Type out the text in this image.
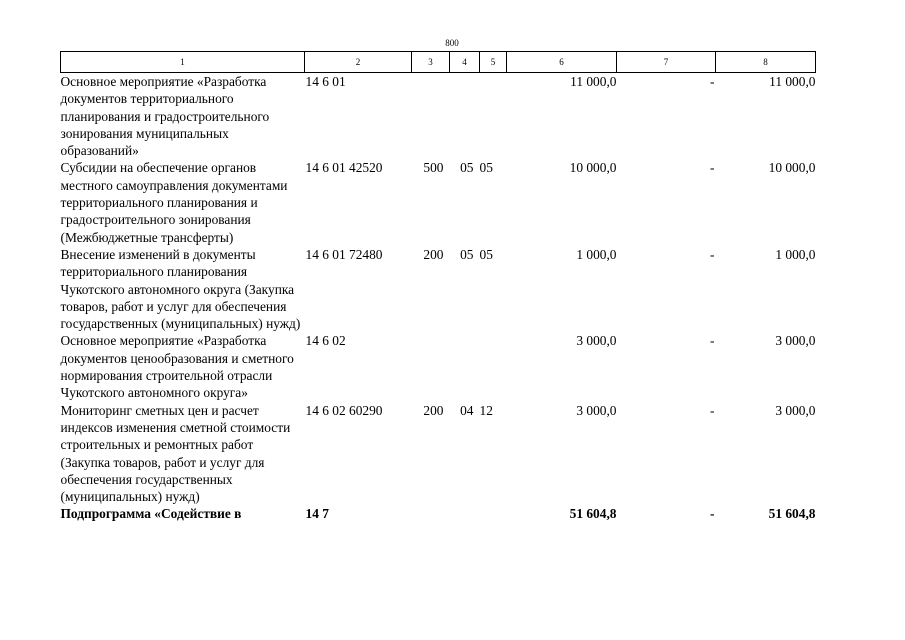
800
1	2	3	4	5	6	7	8
Основное мероприятие «Разработка документов территориального планирования и градостроительного зонирования муниципальных образований»	14 6 01				11 000,0	-	11 000,0
Субсидии на обеспечение органов местного самоуправления документами территориального планирования и градостроительного зонирования (Межбюджетные трансферты)	14 6 01 42520	500	05	05	10 000,0	-	10 000,0
Внесение изменений в документы территориального планирования Чукотского автономного округа (Закупка товаров, работ и услуг для обеспечения государственных (муниципальных) нужд)	14 6 01 72480	200	05	05	1 000,0	-	1 000,0
Основное мероприятие «Разработка документов ценообразования и сметного нормирования строительной отрасли Чукотского автономного округа»	14 6 02				3 000,0	-	3 000,0
Мониторинг сметных цен и расчет индексов изменения сметной стоимости строительных и ремонтных работ (Закупка товаров, работ и услуг для обеспечения государственных (муниципальных) нужд)	14 6 02 60290	200	04	12	3 000,0	-	3 000,0
Подпрограмма «Содействие в	14 7				51 604,8	-	51 604,8
